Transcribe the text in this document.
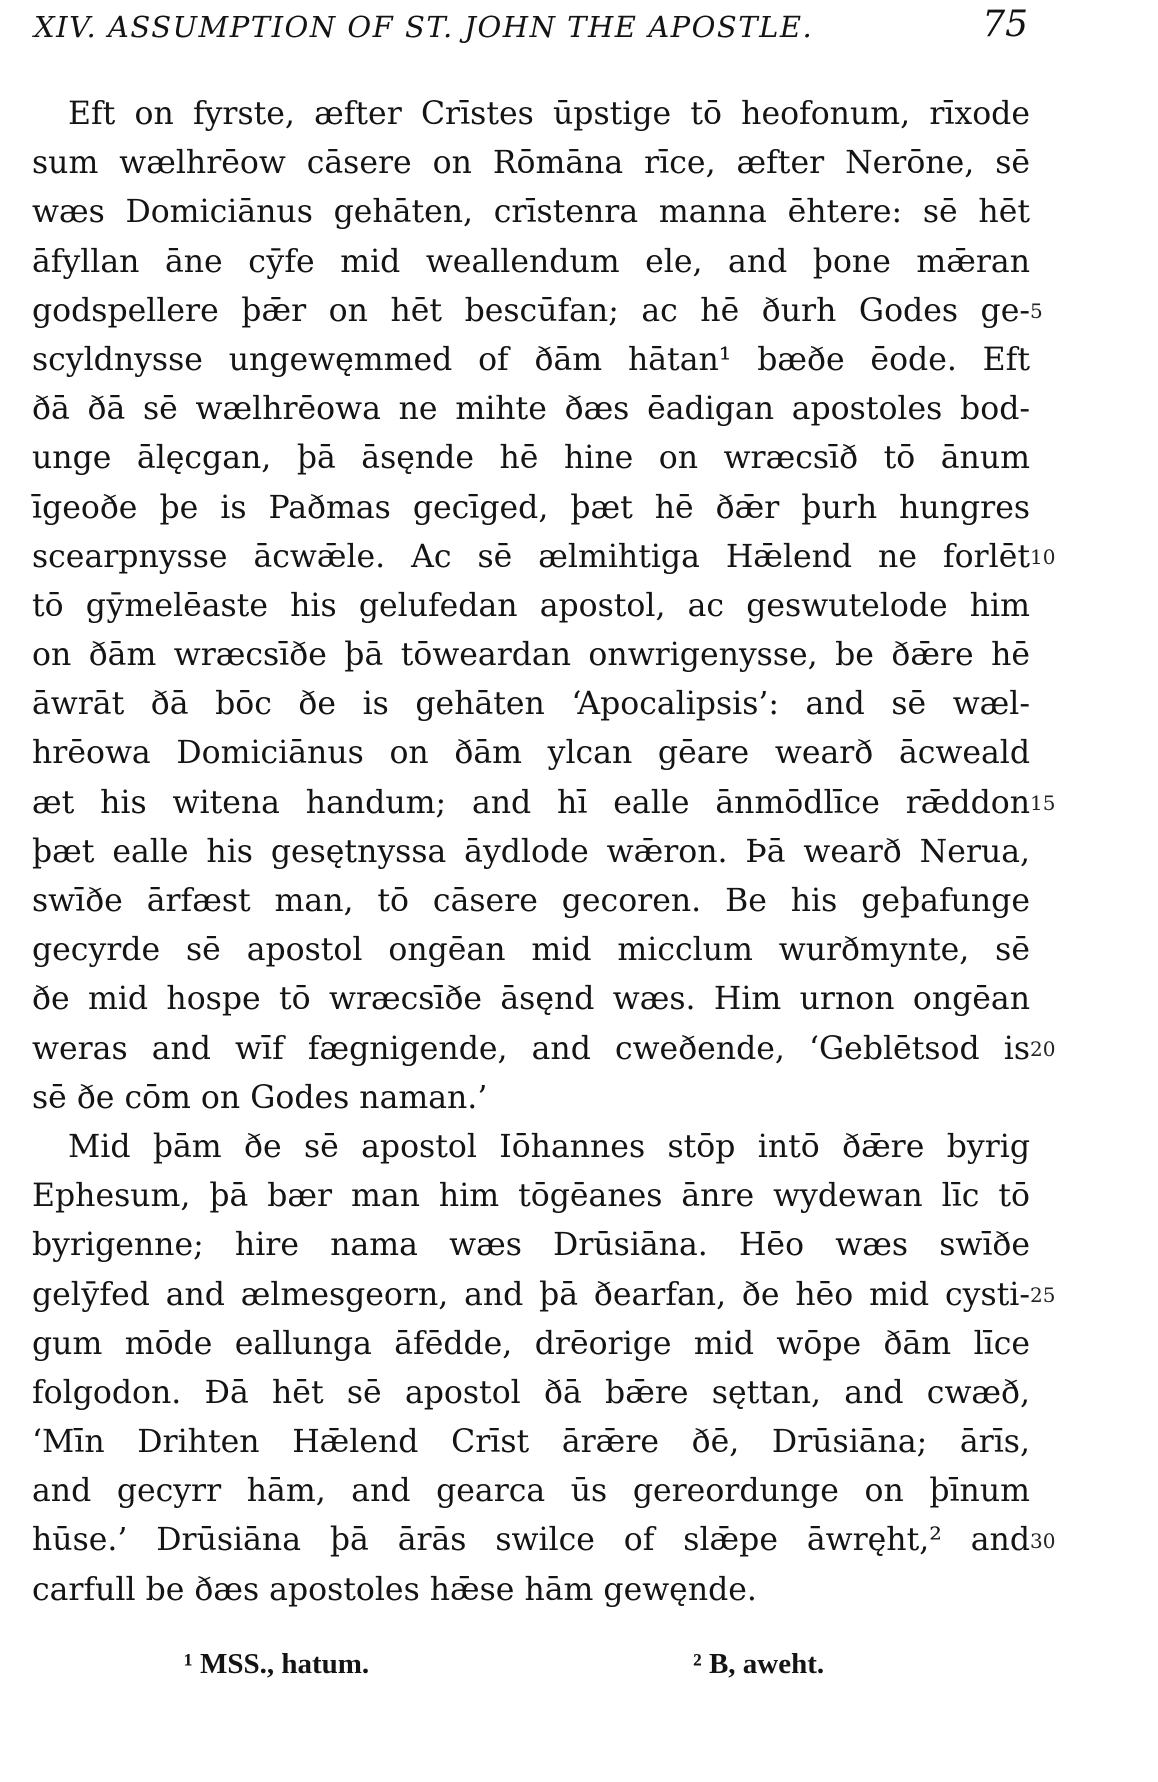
XIV. ASSUMPTION OF ST. JOHN THE APOSTLE.	75
Eft on fyrste, æfter Crīstes ūpstige tō heofonum, rīxode
sum wælhrēow cāsere on Rōmāna rīce, æfter Nerōne, sē
wæs Domiciānus gehāten, crīstenra manna ēhtere: sē hēt
āfyllan āne cӯfe mid weallendum ele, and þone mǣran
godspellere þǣr on hēt bescūfan; ac hē ðurh Godes ge-
scyldnysse ungewęmmed of ðām hātan¹ bæðe ēode. Eft
ðā ðā sē wælhrēowa ne mihte ðæs ēadigan apostoles bod-
unge ālęcgan, þā āsęnde hē hine on wræcsīð tō ānum
īgeoðe þe is Paðmas gecīged, þæt hē ðǣr þurh hungres
scearpnysse ācwǣle. Ac sē ælmihtiga Hǣlend ne forlēt
tō gӯmelēaste his gelufedan apostol, ac geswutelode him
on ðām wræcsīðe þā tōweardan onwrigenysse, be ðǣre hē
āwrāt ðā bōc ðe is gehāten ‘Apocalipsis’: and sē wæl-
hrēowa Domiciānus on ðām ylcan gēare wearð ācweald
æt his witena handum; and hī ealle ānmōdlīce rǣddon
þæt ealle his gesętnyssa āydlode wǣron. Þā wearð Nerua,
swīðe ārfæst man, tō cāsere gecoren. Be his geþafunge
gecyrde sē apostol ongēan mid micclum wurðmynte, sē
ðe mid hospe tō wræcsīðe āsęnd wæs. Him urnon ongēan
weras and wīf fægnigende, and cweðende, ‘Geblētsod is
sē ðe cōm on Godes naman.’
Mid þām ðe sē apostol Iōhannes stōp intō ðǣre byrig
Ephesum, þā bær man him tōgēanes ānre wydewan līc tō
byrigenne; hire nama wæs Drūsiāna. Hēo wæs swīðe
gelӯfed and ælmesgeorn, and þā ðearfan, ðe hēo mid cysti-
gum mōde eallunga āfēdde, drēorige mid wōpe ðām līce
folgodon. Đā hēt sē apostol ðā bǣre sęttan, and cwæð,
‘Mīn Drihten Hǣlend Crīst ārǣre ðē, Drūsiāna; ārīs,
and gecyrr hām, and gearca ūs gereordunge on þīnum
hūse.’ Drūsiāna þā ārās swilce of slǣpe āwręht,² and
carfull be ðæs apostoles hǣse hām gewęnde.
5
10
15
20
25
30
¹ MSS., hatum.	² B, aweht.
